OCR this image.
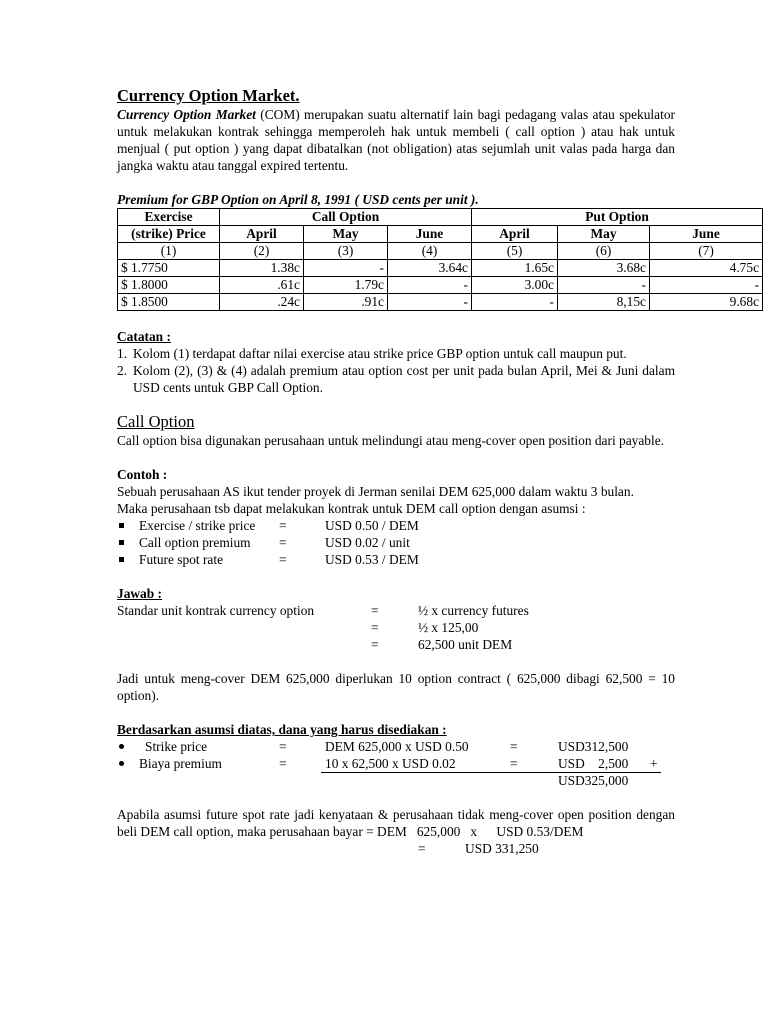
Currency Option Market.
Currency Option Market (COM) merupakan suatu alternatif lain bagi pedagang valas atau spekulator untuk melakukan kontrak sehingga memperoleh hak untuk membeli ( call option ) atau hak untuk menjual ( put option ) yang dapat dibatalkan (not obligation) atas sejumlah unit valas pada harga dan jangka waktu atau tanggal expired tertentu.
Premium for GBP Option on April 8, 1991 ( USD cents per unit ).
Exercise	Call Option			Put Option		
(strike) Price	April	May	June	April	May	June
(1)	(2)	(3)	(4)	(5)	(6)	(7)
$ 1.7750	1.38c	-	3.64c	1.65c	3.68c	4.75c
$ 1.8000	.61c	1.79c	-	3.00c	-	-
$ 1.8500	.24c	.91c	-	-	8,15c	9.68c
Catatan :
1. Kolom (1) terdapat daftar nilai exercise atau strike price GBP option untuk call maupun put.
2. Kolom (2), (3) & (4) adalah premium atau option cost per unit pada bulan April, Mei & Juni dalam USD cents untuk GBP Call Option.
Call Option
Call option bisa digunakan perusahaan untuk melindungi atau meng-cover open position dari payable.
Contoh :
Sebuah perusahaan AS ikut tender proyek di Jerman senilai DEM 625,000 dalam waktu 3 bulan.
Maka perusahaan tsb dapat melakukan kontrak untuk DEM call option dengan asumsi :
Exercise / strike price =	USD 0.50 / DEM
Call option premium =	USD 0.02 / unit
Future spot rate	=	USD 0.53 / DEM
Jawab :
Standar unit kontrak currency option	=	½ x currency futures
=	½ x 125,00
=	62,500 unit DEM
Jadi untuk meng-cover DEM 625,000 diperlukan 10 option contract ( 625,000 dibagi 62,500 = 10 option).
Berdasarkan asumsi diatas, dana yang harus disediakan :
Strike price	=	DEM 625,000 x USD 0.50	=	USD312,500
Biaya premium	=	10 x 62,500 x USD 0.02	=	USD    2,500 +
USD325,000
Apabila asumsi future spot rate jadi kenyataan & perusahaan tidak meng-cover open position dengan beli DEM call option, maka perusahaan bayar = DEM   625,000   x USD 0.53/DEM
=	USD 331,250
